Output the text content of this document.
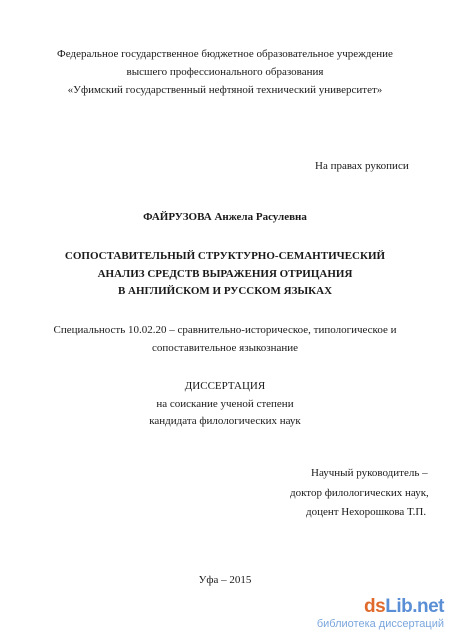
Федеральное государственное бюджетное образовательное учреждение
высшего профессионального образования
«Уфимский государственный нефтяной технический университет»
На правах рукописи
ФАЙРУЗОВА Анжела Расулевна
СОПОСТАВИТЕЛЬНЫЙ СТРУКТУРНО-СЕМАНТИЧЕСКИЙ
АНАЛИЗ СРЕДСТВ ВЫРАЖЕНИЯ ОТРИЦАНИЯ
В АНГЛИЙСКОМ И РУССКОМ ЯЗЫКАХ
Специальность 10.02.20 – сравнительно-историческое, типологическое и
сопоставительное языкознание
ДИССЕРТАЦИЯ
на соискание ученой степени
кандидата филологических наук
Научный руководитель –
доктор филологических наук,
доцент Нехорошкова Т.П.
Уфа – 2015
dsLib.net
библиотека диссертаций
